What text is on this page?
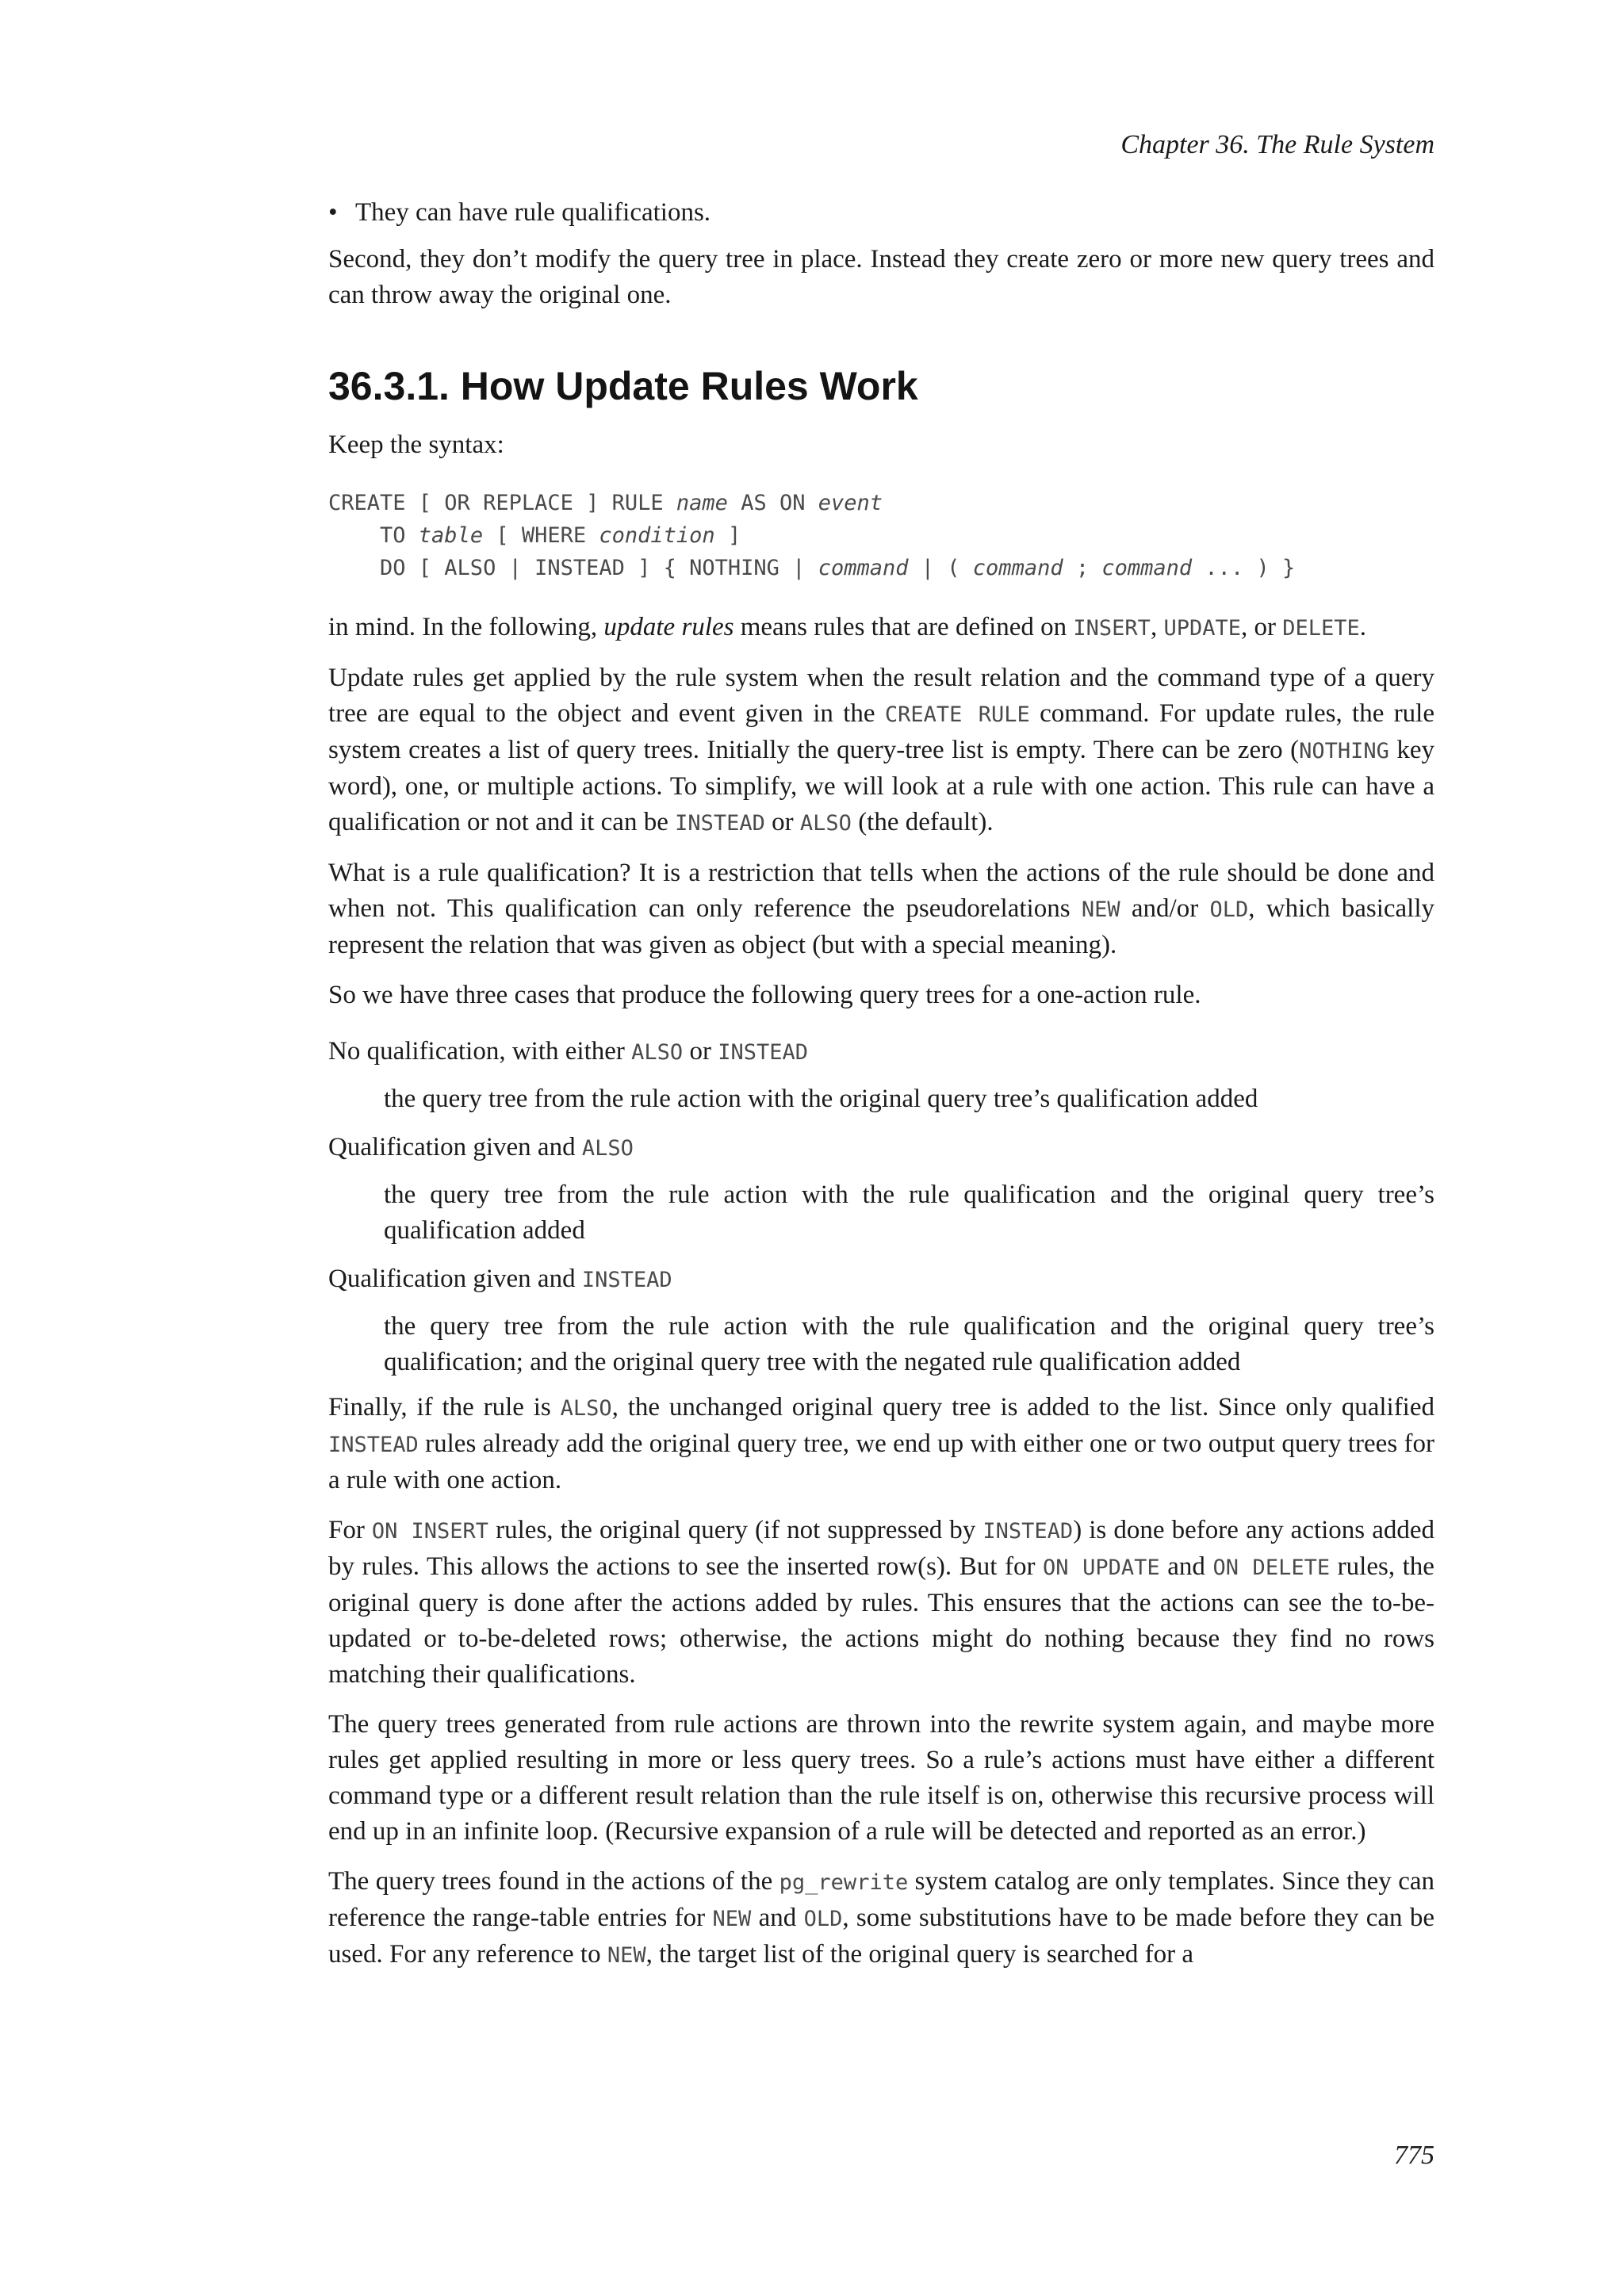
Chapter 36. The Rule System
• They can have rule qualifications.

Second, they don’t modify the query tree in place. Instead they create zero or more new query trees and can throw away the original one.

36.3.1. How Update Rules Work

Keep the syntax:

CREATE [ OR REPLACE ] RULE name AS ON event
TO table [ WHERE condition ]
DO [ ALSO | INSTEAD ] { NOTHING | command | ( command ; command ... ) }

in mind. In the following, update rules means rules that are defined on INSERT, UPDATE, or DELETE.

Update rules get applied by the rule system when the result relation and the command type of a query tree are equal to the object and event given in the CREATE RULE command. For update rules, the rule system creates a list of query trees. Initially the query-tree list is empty. There can be zero (NOTHING key word), one, or multiple actions. To simplify, we will look at a rule with one action. This rule can have a qualification or not and it can be INSTEAD or ALSO (the default).

What is a rule qualification? It is a restriction that tells when the actions of the rule should be done and when not. This qualification can only reference the pseudorelations NEW and/or OLD, which basically represent the relation that was given as object (but with a special meaning).

So we have three cases that produce the following query trees for a one-action rule.

No qualification, with either ALSO or INSTEAD
the query tree from the rule action with the original query tree’s qualification added
Qualification given and ALSO
the query tree from the rule action with the rule qualification and the original query tree’s qualification added
Qualification given and INSTEAD
the query tree from the rule action with the rule qualification and the original query tree’s qualification; and the original query tree with the negated rule qualification added

Finally, if the rule is ALSO, the unchanged original query tree is added to the list. Since only qualified INSTEAD rules already add the original query tree, we end up with either one or two output query trees for a rule with one action.

For ON INSERT rules, the original query (if not suppressed by INSTEAD) is done before any actions added by rules. This allows the actions to see the inserted row(s). But for ON UPDATE and ON DELETE rules, the original query is done after the actions added by rules. This ensures that the actions can see the to-be-updated or to-be-deleted rows; otherwise, the actions might do nothing because they find no rows matching their qualifications.

The query trees generated from rule actions are thrown into the rewrite system again, and maybe more rules get applied resulting in more or less query trees. So a rule’s actions must have either a different command type or a different result relation than the rule itself is on, otherwise this recursive process will end up in an infinite loop. (Recursive expansion of a rule will be detected and reported as an error.)

The query trees found in the actions of the pg_rewrite system catalog are only templates. Since they can reference the range-table entries for NEW and OLD, some substitutions have to be made before they can be used. For any reference to NEW, the target list of the original query is searched for a

775
